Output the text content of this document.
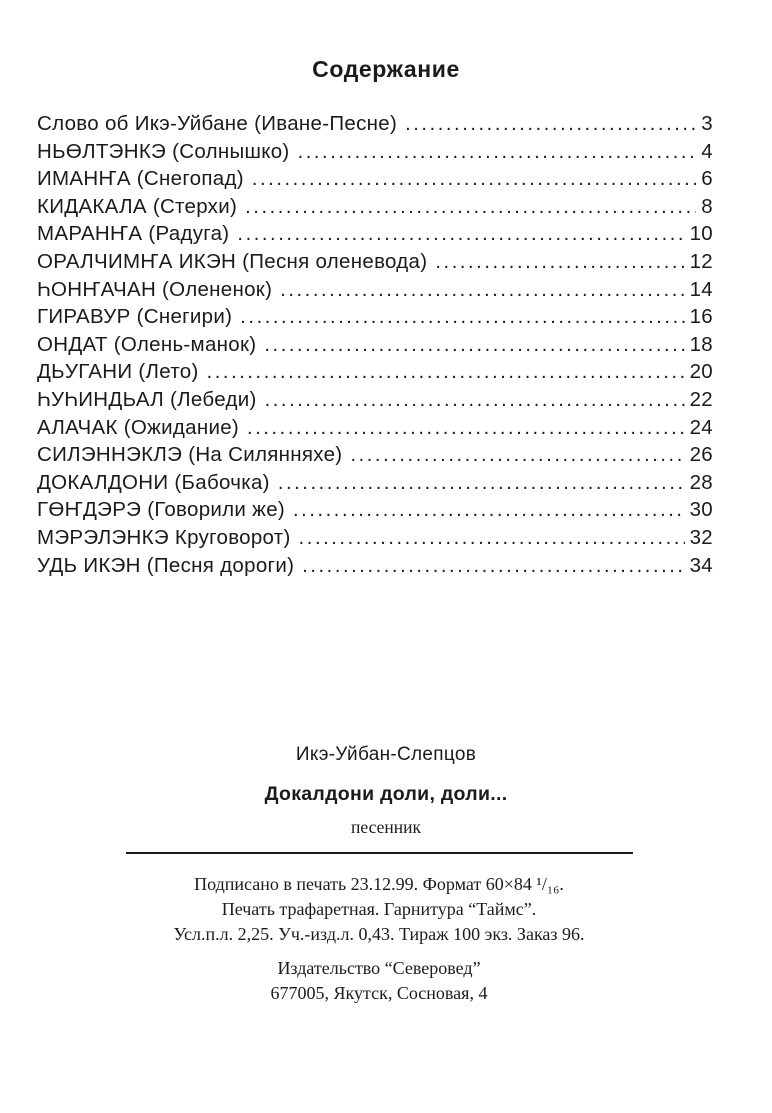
Содержание
Слово об Икэ-Уйбане (Иване-Песне) .....	3
НЬӨЛТЭНКЭ (Солнышко) .....	4
ИМАНҤА (Снегопад) .....	6
КИДАКАЛА (Стерхи) .....	8
МАРАНҤА (Радуга) .....	10
ОРАЛЧИМҤА ИКЭН (Песня оленевода) .....	12
ҺОНҤАЧАН (Олененок) .....	14
ГИРАВУР (Снегири) .....	16
ОНДАТ (Олень-манок) .....	18
ДЬУГАНИ (Лето) .....	20
ҺУҺИНДЬАЛ (Лебеди) .....	22
АЛАЧАК (Ожидание) .....	24
СИЛЭННЭКЛЭ (На Силянняхе) .....	26
ДОКАЛДОНИ (Бабочка) .....	28
ГӨҤДЭРЭ (Говорили же) .....	30
МЭРЭЛЭНКЭ Круговорот) .....	32
УДЬ ИКЭН (Песня дороги) .....	34
Икэ-Уйбан-Слепцов
Докалдони доли, доли...
песенник
Подписано в печать 23.12.99. Формат 60×84 ¹/₁₆.
Печать трафаретная. Гарнитура “Таймс”.
Усл.п.л. 2,25. Уч.-изд.л. 0,43. Тираж 100 экз. Заказ 96.
Издательство “Северовед”
677005, Якутск, Сосновая, 4
